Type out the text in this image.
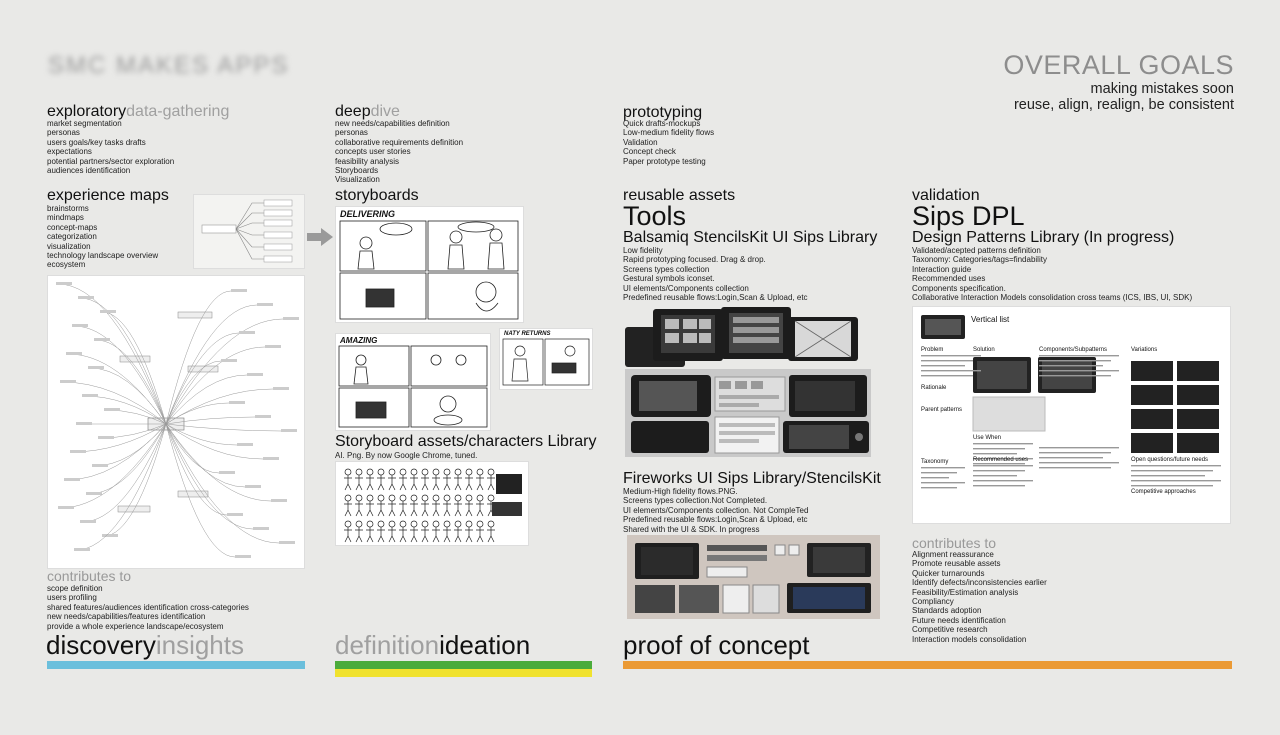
SMC MAKES APPS	OVERALL GOALS
making mistakes soon
reuse, align, realign, be consistent
exploratorydata-gathering
market segmentation
personas
users goals/key tasks drafts
expectations
potential partners/sector exploration
audiences identification
experience maps
brainstorms
mindmaps
concept-maps
categorization
visualization
technology landscape overview
ecosystem
contributes to
scope definition
users profiling
shared features/audiences identification cross-categories
new needs/capabilities/features identification
provide a whole experience landscape/ecosystem
discoveryinsights
deepdive
new needs/capabilities definition
personas
collaborative requirements definition
concepts user stories
feasibility analysis
Storyboards
Visualization
storyboards
DELIVERING
AMAZING
NATY RETURNS
Storyboard assets/characters Library
AI. Png. By now Google Chrome, tuned.
definitionideation
prototyping
Quick drafts-mockups
Low-medium fidelity flows
Validation
Concept check
Paper prototype testing
reusable assets
Tools
Balsamiq StencilsKit UI Sips Library
Low fidelity
Rapid prototyping focused. Drag & drop.
Screens types collection
Gestural symbols iconset.
UI elements/Components collection
Predefined reusable flows:Login,Scan & Upload, etc
Fireworks UI Sips Library/StencilsKit
Medium-High fidelity flows.PNG.
Screens types collection.Not Completed.
UI elements/Components collection. Not CompleTed
Predefined reusable flows:Login,Scan & Upload, etc
Shared with the UI & SDK. In progress
proof of concept
validation
Sips DPL
Design Patterns Library (In progress)
Validated/acepted patterns definition
Taxonomy: Categories/tags=findability
Interaction guide
Recommended uses
Components specification.
Collaborative Interaction Models consolidation cross teams (ICS, IBS, UI, SDK)
Vertical list
Problem	Solution	Components/Subpatterns	Variations
Rationale
Parent patterns
Use When
Taxonomy	Recommended uses	Open questions/future needs
Competitive approaches
contributes to
Alignment reassurance
Promote reusable assets
Quicker turnarounds
Identify defects/inconsistencies earlier
Feasibility/Estimation analysis
Compliancy
Standards adoption
Future needs identification
Competitive research
Interaction models consolidation
